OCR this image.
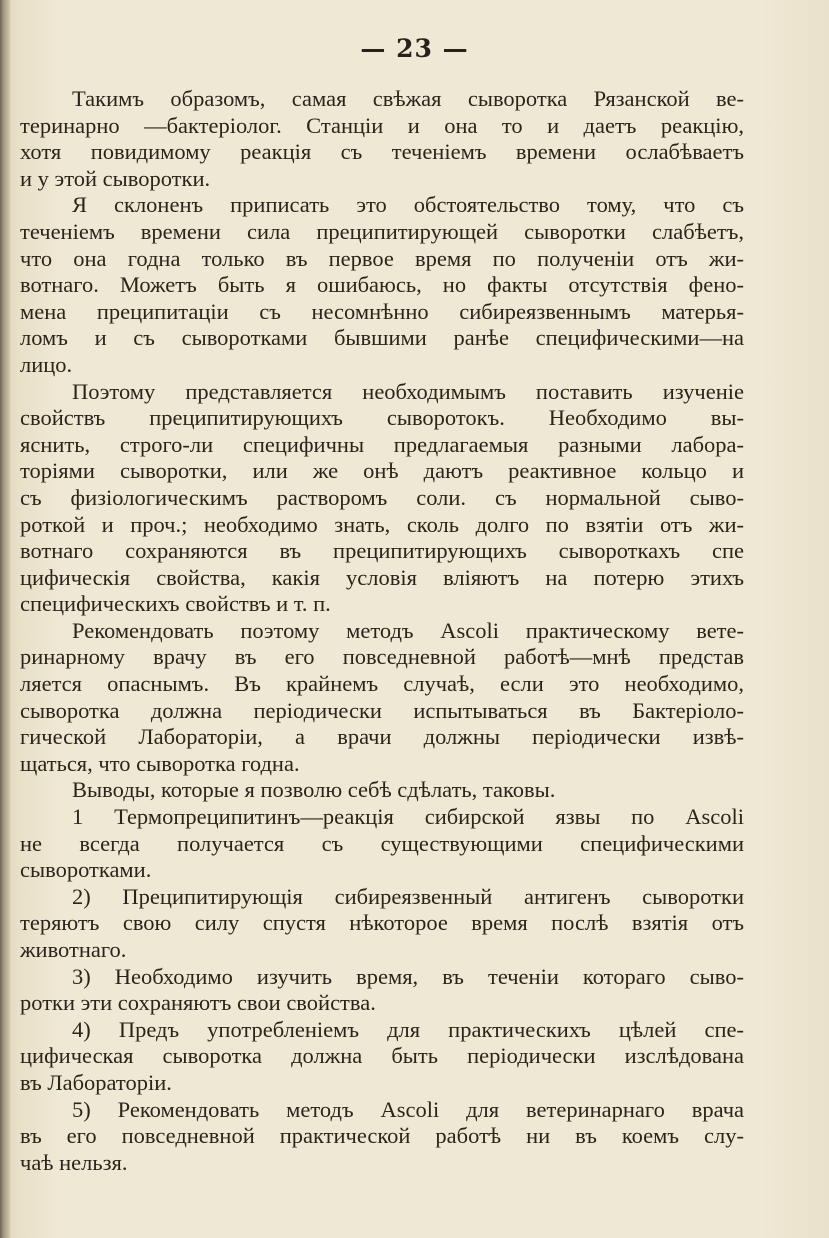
— 23 —
Такимъ образомъ, самая свѣжая сыворотка Рязанской ве-
теринарно —бактеріолог. Станціи и она то и даетъ реакцію,
хотя повидимому реакція съ теченіемъ времени ослабѣваетъ
и у этой сыворотки.
Я склоненъ приписать это обстоятельство тому, что съ
теченіемъ времени сила преципитирующей сыворотки слабѣетъ,
что она годна только въ первое время по полученіи отъ жи-
вотнаго. Можетъ быть я ошибаюсь, но факты отсутствія фено-
мена преципитаціи съ несомнѣнно сибиреязвеннымъ матерья-
ломъ и съ сыворотками бывшими ранѣе специфическими—на
лицо.
Поэтому представляется необходимымъ поставить изученіе
свойствъ преципитирующихъ сыворотокъ. Необходимо вы-
яснить, строго-ли специфичны предлагаемыя разными лабора-
торіями сыворотки, или же онѣ даютъ реактивное кольцо и
съ физіологическимъ растворомъ соли. съ нормальной сыво-
роткой и проч.; необходимо знать, сколь долго по взятіи отъ жи-
вотнаго сохраняются въ преципитирующихъ сывороткахъ спе
цифическія свойства, какія условія вліяютъ на потерю этихъ
специфическихъ свойствъ и т. п.
Рекомендовать поэтому методъ Ascoli практическому вете-
ринарному врачу въ его повседневной работѣ—мнѣ представ
ляется опаснымъ. Въ крайнемъ случаѣ, если это необходимо,
сыворотка должна періодически испытываться въ Бактеріоло-
гической Лабораторіи, а врачи должны періодически извѣ-
щаться, что сыворотка годна.
Выводы, которые я позволю себѣ сдѣлать, таковы.
1 Термопреципитинъ—реакція сибирской язвы по Ascoli
не всегда получается съ существующими специфическими
сыворотками.
2) Преципитирующія сибиреязвенный антигенъ сыворотки
теряютъ свою силу спустя нѣкоторое время послѣ взятія отъ
животнаго.
3) Необходимо изучить время, въ теченіи котораго сыво-
ротки эти сохраняютъ свои свойства.
4) Предъ употребленіемъ для практическихъ цѣлей спе-
цифическая сыворотка должна быть періодически изслѣдована
въ Лабораторіи.
5) Рекомендовать методъ Ascoli для ветеринарнаго врача
въ его повседневной практической работѣ ни въ коемъ слу-
чаѣ нельзя.
